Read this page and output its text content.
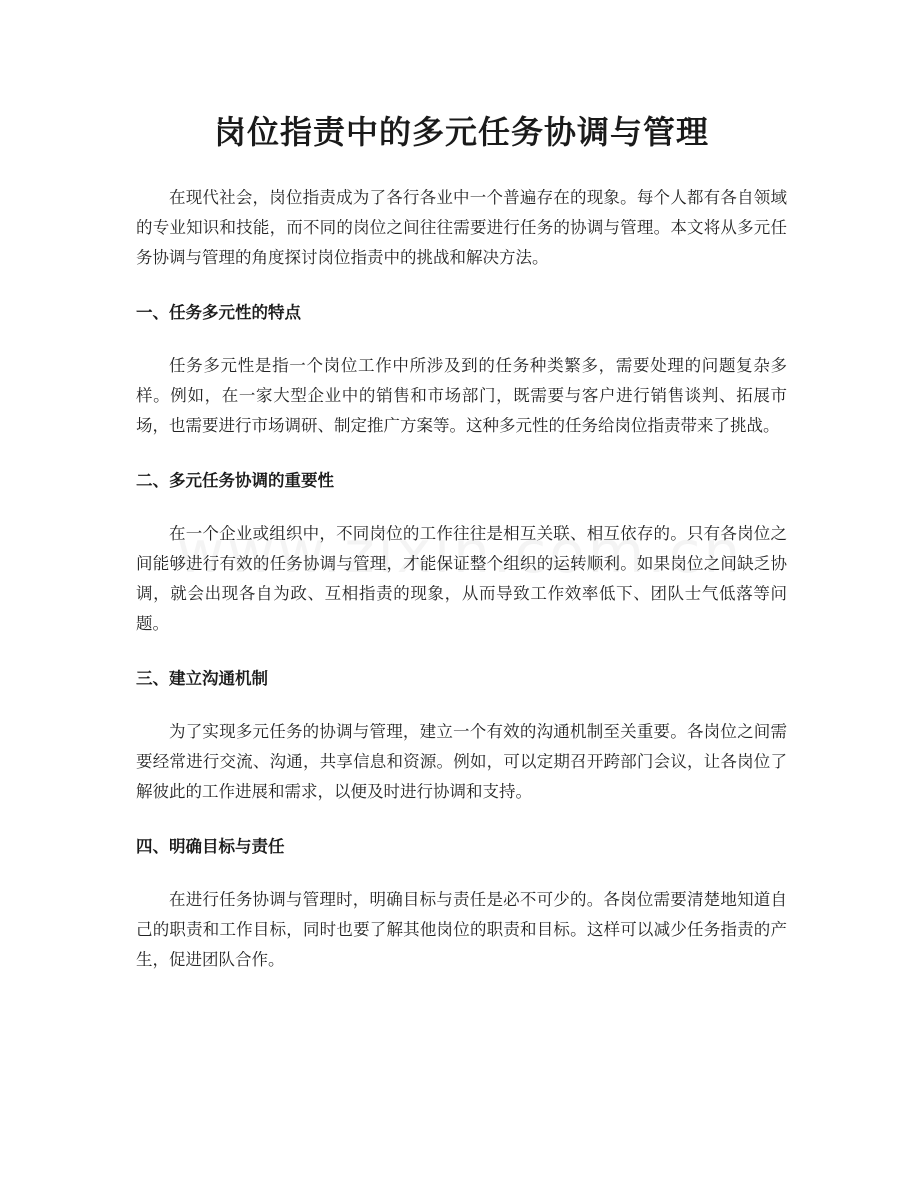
岗位指责中的多元任务协调与管理

在现代社会，岗位指责成为了各行各业中一个普遍存在的现象。每个人都有各自领域的专业知识和技能，而不同的岗位之间往往需要进行任务的协调与管理。本文将从多元任务协调与管理的角度探讨岗位指责中的挑战和解决方法。

一、任务多元性的特点

任务多元性是指一个岗位工作中所涉及到的任务种类繁多，需要处理的问题复杂多样。例如，在一家大型企业中的销售和市场部门，既需要与客户进行销售谈判、拓展市场，也需要进行市场调研、制定推广方案等。这种多元性的任务给岗位指责带来了挑战。

二、多元任务协调的重要性

在一个企业或组织中，不同岗位的工作往往是相互关联、相互依存的。只有各岗位之间能够进行有效的任务协调与管理，才能保证整个组织的运转顺利。如果岗位之间缺乏协调，就会出现各自为政、互相指责的现象，从而导致工作效率低下、团队士气低落等问题。

三、建立沟通机制

为了实现多元任务的协调与管理，建立一个有效的沟通机制至关重要。各岗位之间需要经常进行交流、沟通，共享信息和资源。例如，可以定期召开跨部门会议，让各岗位了解彼此的工作进展和需求，以便及时进行协调和支持。

四、明确目标与责任

在进行任务协调与管理时，明确目标与责任是必不可少的。各岗位需要清楚地知道自己的职责和工作目标，同时也要了解其他岗位的职责和目标。这样可以减少任务指责的产生，促进团队合作。
